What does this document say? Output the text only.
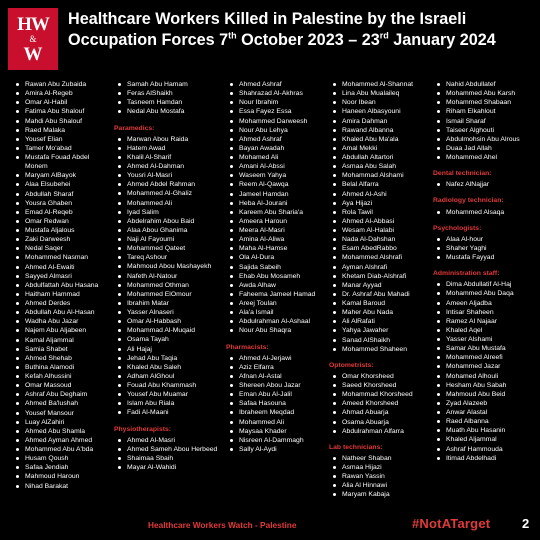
HW
&
W
Healthcare Workers Killed in Palestine by the Israeli
Occupation Forces 7th October 2023 – 23rd January 2024
Rawan Abu Zubaida
Amira Al-Regeb
Omar Al-Habil
Fatima Abu Shalouf
Mahdi Abu Shalouf
Raed Malaka
Yousef Elian
Tamer Mo'abad
Mustafa Fouad Abdel Monem
Maryam AlBayok
Alaa Elsubehei
Abdullah Sharaf
Yousra Ghaben
Emad Al-Reqeb
Omar Redwan
Mustafa Aljalous
Zaki Darweesh
Nedal Saqer
Mohammed Nasman
Ahmed Al-Ewaiti
Sayyed Almasri
Abdulfattah Abu Hasana
Haitham Hammad
Ahmed Derdes
Abdullah Abu Al-Hasan
Wadha Abu Jazar
Najem Abu Aljabeen
Kamal Aljammal
Samia Shabet
Ahmed Shehab
Buthina Alamodi
Kefah Alhussini
Omar Massoud
Ashraf Abu Deghaim
Ahmed Ba'lushah
Yousef Mansour
Luay AlZahiri
Ahmed Abu Shamla
Ahmed Ayman Ahmed
Mohammed Abu A'bda
Husam Qoush
Safaa Jendiah
Mahmoud Haroun
Nihad Barakat
Samah Abu Hamam
Feras AlShaikh
Tasneem Hamdan
Nedal Abu Mostafa
Paramedics:
Marwan Abou Raida
Hatem Awad
Khalil Al-Sharif
Ahmed Al-Dahman
Yousri Al-Masri
Ahmed Abdel Rahman
Mohammed Al-Ghaliz
Mohammed Ali
Iyad Salim
Abdelrahim Abou Baid
Alaa Abou Ghanima
Naji Al Fayoumi
Mohammed Qateet
Tareq Ashour
Mahmoud Abou Mashayekh
Nafeth Al-Natour
Mohammed Othman
Mohammed ElOmour
Ibrahim Matar
Yasser Alnaseri
Omar Al-Habbash
Mohammad Al-Muqaid
Osama Tayah
Ali Hajaj
Jehad Abu Taqia
Khaled Abu Saleh
Adham AlGhoul
Fouad Abu Khammash
Yousef Abu Muamar
Islam Abu Riala
Fadi Al-Maani
Physiotherapists:
Ahmed Al-Masri
Ahmed Sameh Abou Herbeed
Shaimaa Sbaih
Mayar Al-Wahidi
Ahmed Ashraf
Shahrazad Al-Akhras
Nour Ibrahim
Essa Fayez Essa
Mohammed Darweesh
Nour Abu Lehya
Ahmed Ashraf
Bayan Awadah
Mohamed Ali
Amani Al-Abssi
Waseem Yahya
Reem Al-Qawqa
Jameel Hamdan
Heba Al-Jourani
Kareem Abu Sharia'a
Ameera Haroun
Meera Al-Masri
Amina Al-Aliwa
Maha Al-Hamse
Ola Al-Dura
Sajida Sabeih
Ehab Abu Mosameh
Awda Alhaw
Faheema Jameel Hamad
Areej Toulan
Ala'a Ismail
Abdulrahman Al-Ashaal
Nour Abu Shaqra
Pharmacists:
Ahmed Al-Jerjawi
Aziz Elfarra
Afnan Al-Astal
Shereen Abou Jazar
Eman Abu Al-Jalil
Safaa Hasouna
Ibraheem Meqdad
Mohammed Ali
Maysaa Khader
Nisreen Al-Dammagh
Sally Al-Aydi
Mohammed Al-Shannat
Lina Abu Mualaileq
Noor Ibean
Haneen Albasyouni
Amira Dahman
Rawand Albanna
Khaled Abu Ma'ala
Amal Mekki
Abdullah Altartori
Asmaa Abu Salah
Mohammad Alshami
Belal Alfarra
Ahmed Al-Ashi
Aya Hijazi
Rola Tawil
Ahmed Al-Abbasi
Wesam Al-Halabi
Nada Al-Dahshan
Esam AbedRabbo
Mohammed Alshrafi
Ayman Alshrafi
Khetam Diab-Alshrafi
Manar Ayyad
Dr. Ashraf Abu Mahadi
Kamal Baroud
Maher Abu Nada
Ali AlRafati
Yahya Jawaher
Sanad AlShaikh
Mohammed Shaheen
Optometrists:
Omar Khorsheed
Saeed Khorsheed
Mohammad Khorsheed
Ameed Khorsheed
Ahmad Abuarja
Osama Abuarja
Abdulrahman Alfarra
Lab technicians:
Natheer Shaban
Asmaa Hijazi
Rawan Yassin
Alia Al Hinnawi
Maryam Kabaja
Nahid Abdullatef
Mohammed Abu Karsh
Mohammed Shabaan
Riham Elkahlout
Ismail Sharaf
Taiseer Alghouti
Abdulmohsin Abu Alrous
Duaa Jad Allah
Mohammed Ahel
Dental technician:
Nafez AlNajjar
Radiology technician:
Mohammed Alsaqa
Psychologists:
Alaa Al-hour
Shaher Yaghi
Mustafa Fayyad
Administration staff:
Dima Abdullatif Al-Haj
Mohammed Abu Daqa
Ameen Aljadba
Intisar Shaheen
Ramez Al Najaar
Khaled Aqel
Yasser Alshami
Samar Abu Mustafa
Mohammed Alreefi
Mohammed Jazar
Mohamed Alhouli
Hesham Abu Sabah
Mahmoud Abu Beid
Zyad Alazeeb
Anwar Alastal
Raed Albanna
Muath Abu Hasanin
Khaled Aljammal
Ashraf Hammouda
Itimad Abdelhadi
Healthcare Workers Watch - Palestine	#NotATarget 2
